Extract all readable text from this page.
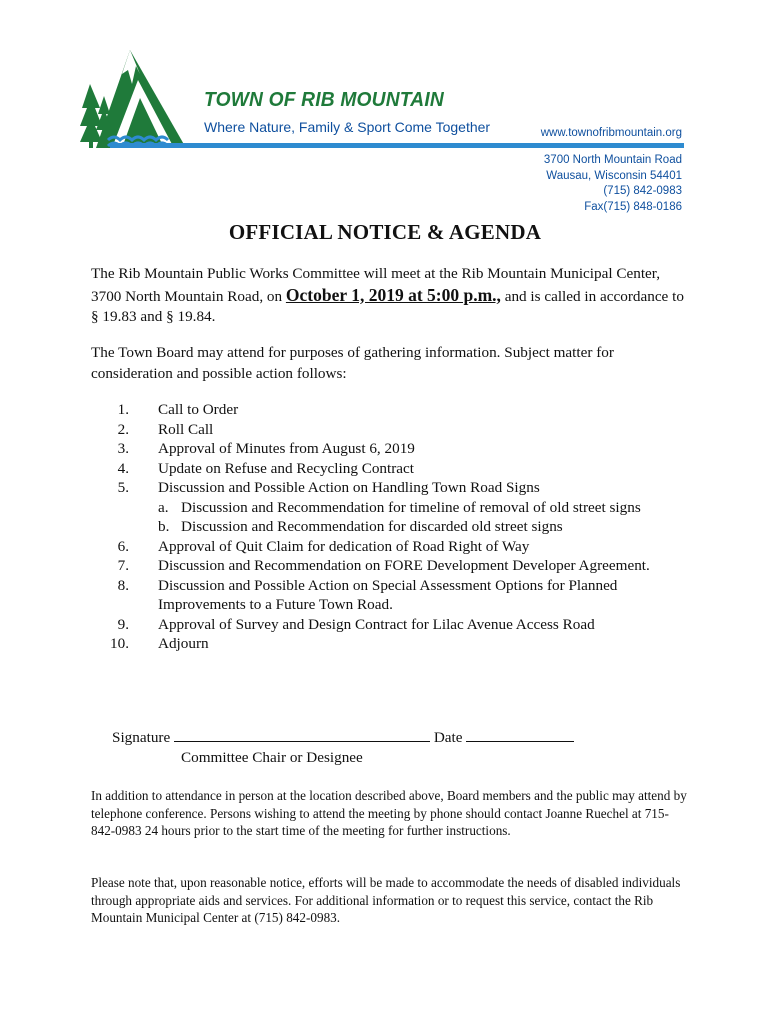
TOWN OF RIB MOUNTAIN
Where Nature, Family & Sport Come Together	www.townofribmountain.org
3700 North Mountain Road
Wausau, Wisconsin 54401
(715) 842-0983
Fax(715) 848-0186
OFFICIAL NOTICE & AGENDA
The Rib Mountain Public Works Committee will meet at the Rib Mountain Municipal Center, 3700 North Mountain Road, on October 1, 2019 at 5:00 p.m., and is called in accordance to § 19.83 and § 19.84.
The Town Board may attend for purposes of gathering information. Subject matter for consideration and possible action follows:
1. Call to Order
2. Roll Call
3. Approval of Minutes from August 6, 2019
4. Update on Refuse and Recycling Contract
5. Discussion and Possible Action on Handling Town Road Signs
a. Discussion and Recommendation for timeline of removal of old street signs
b. Discussion and Recommendation for discarded old street signs
6. Approval of Quit Claim for dedication of Road Right of Way
7. Discussion and Recommendation on FORE Development Developer Agreement.
8. Discussion and Possible Action on Special Assessment Options for Planned Improvements to a Future Town Road.
9. Approval of Survey and Design Contract for Lilac Avenue Access Road
10. Adjourn
Signature	Date
Committee Chair or Designee
In addition to attendance in person at the location described above, Board members and the public may attend by telephone conference. Persons wishing to attend the meeting by phone should contact Joanne Ruechel at 715-842-0983 24 hours prior to the start time of the meeting for further instructions.
Please note that, upon reasonable notice, efforts will be made to accommodate the needs of disabled individuals through appropriate aids and services. For additional information or to request this service, contact the Rib Mountain Municipal Center at (715) 842-0983.
